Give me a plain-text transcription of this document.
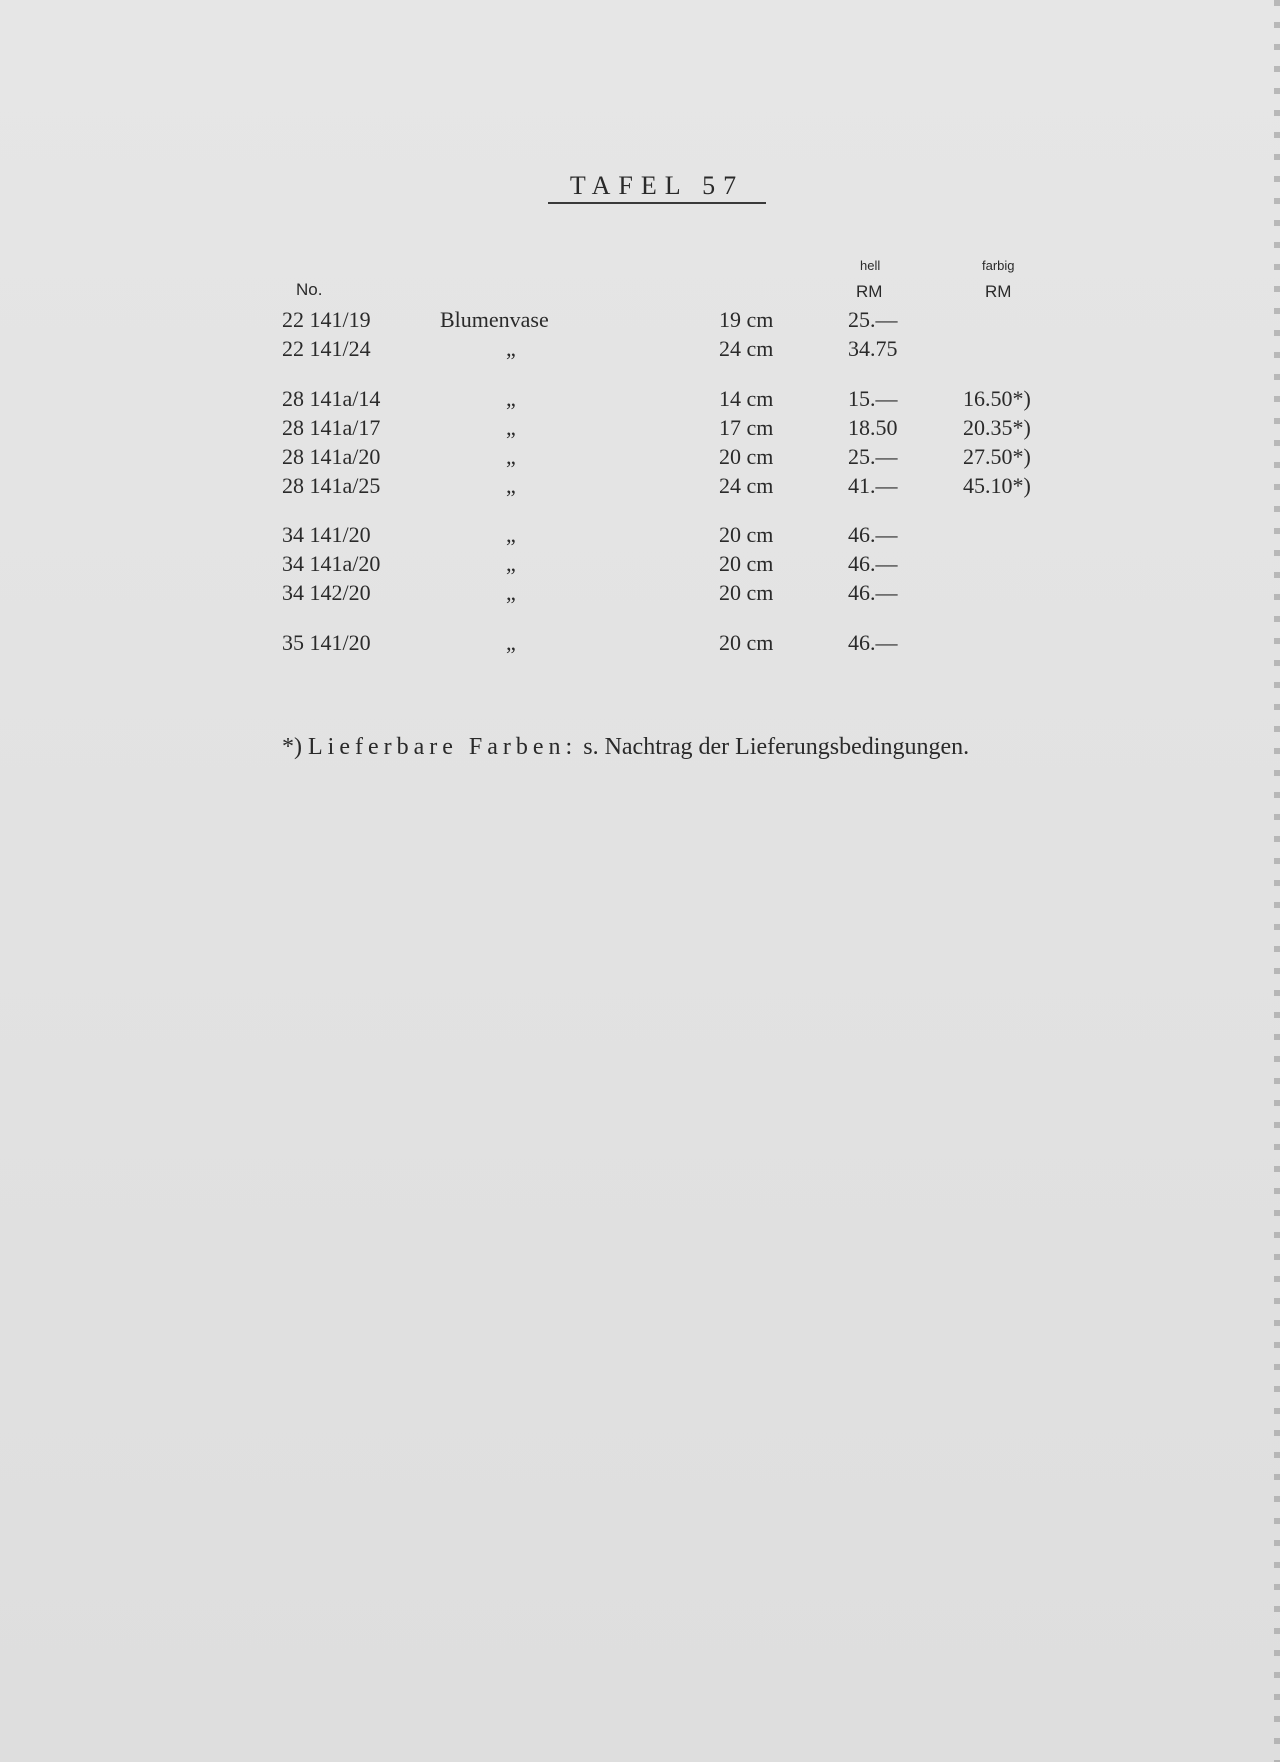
TAFEL 57
No.
hell
RM
farbig
RM
22 141/19	Blumenvase	19 cm	25.—
22 141/24	„	24 cm	34.75
28 141a/14	„	14 cm	15.—	16.50*)
28 141a/17	„	17 cm	18.50	20.35*)
28 141a/20	„	20 cm	25.—	27.50*)
28 141a/25	„	24 cm	41.—	45.10*)
34 141/20	„	20 cm	46.—
34 141a/20	„	20 cm	46.—
34 142/20	„	20 cm	46.—
35 141/20	„	20 cm	46.—
*) Lieferbare Farben: s. Nachtrag der Lieferungsbedingungen.
